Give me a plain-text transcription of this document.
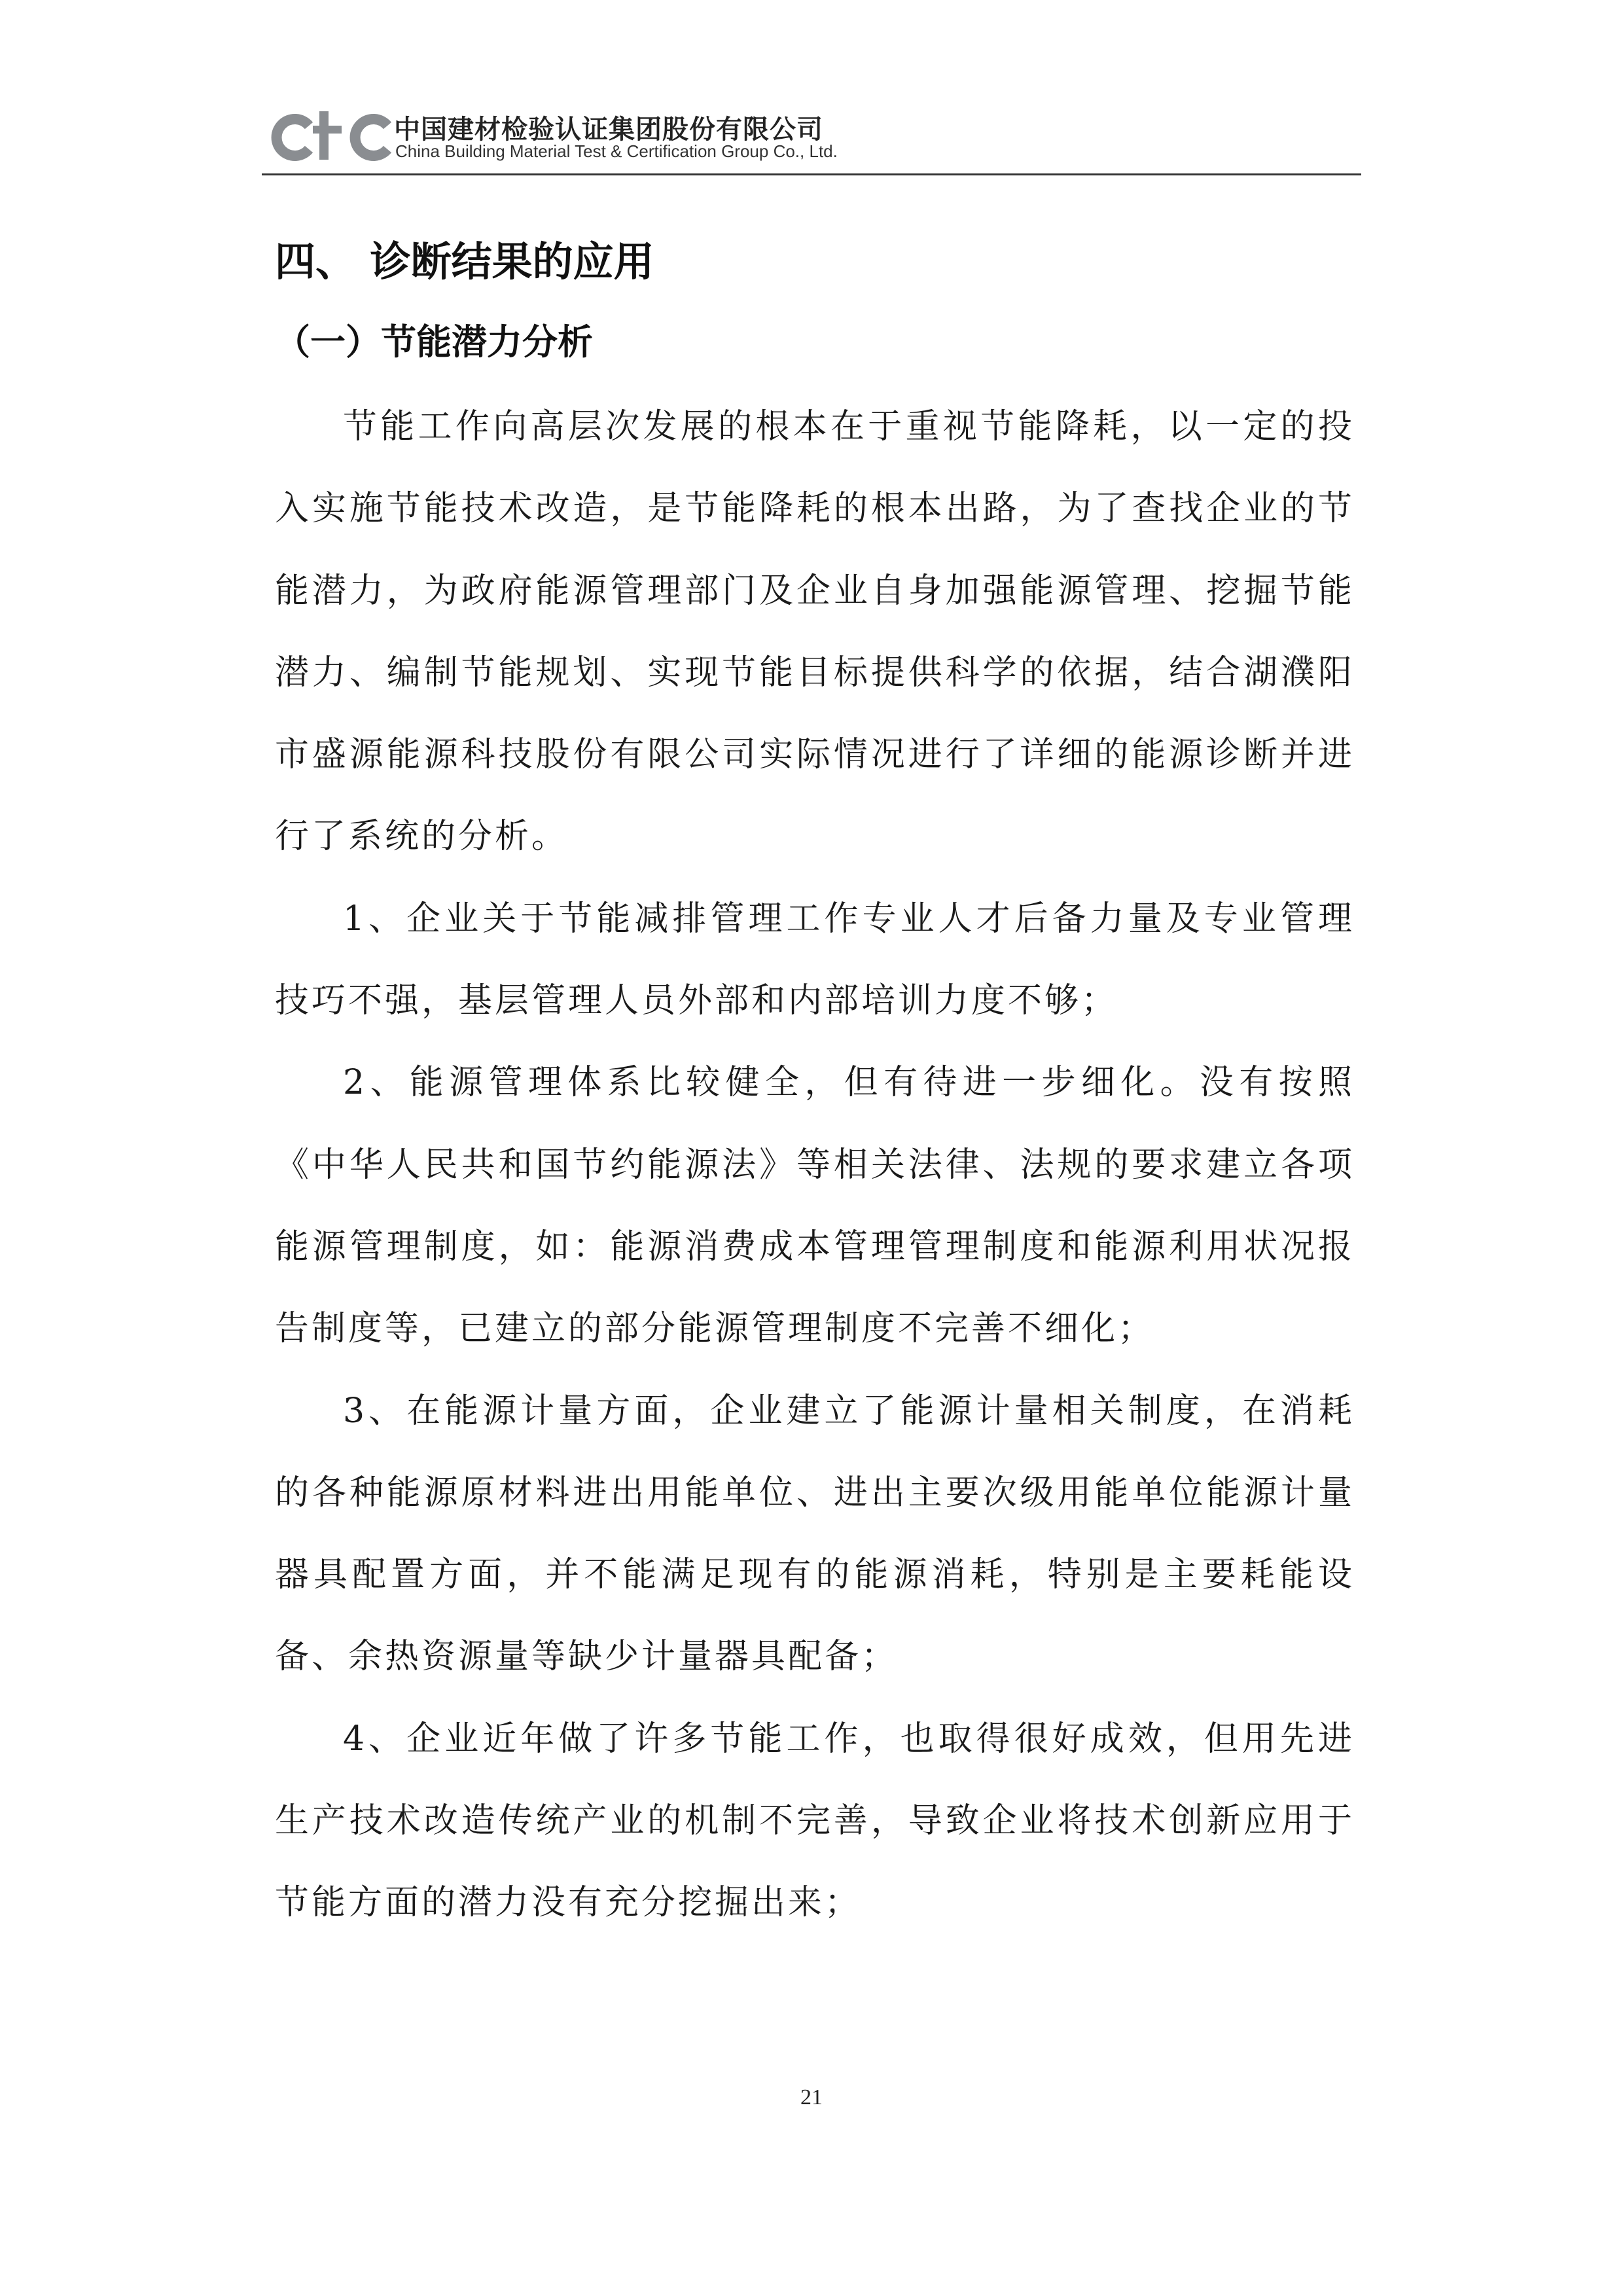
中国建材检验认证集团股份有限公司
China Building Material Test & Certification Group Co., Ltd.
四、 诊断结果的应用
（一）节能潜力分析

节能工作向高层次发展的根本在于重视节能降耗，以一定的投入实施节能技术改造，是节能降耗的根本出路，为了查找企业的节能潜力，为政府能源管理部门及企业自身加强能源管理、挖掘节能潜力、编制节能规划、实现节能目标提供科学的依据，结合湖濮阳市盛源能源科技股份有限公司实际情况进行了详细的能源诊断并进行了系统的分析。

1、企业关于节能减排管理工作专业人才后备力量及专业管理技巧不强，基层管理人员外部和内部培训力度不够；

2、能源管理体系比较健全，但有待进一步细化。没有按照《中华人民共和国节约能源法》等相关法律、法规的要求建立各项能源管理制度，如：能源消费成本管理管理制度和能源利用状况报告制度等，已建立的部分能源管理制度不完善不细化；

3、在能源计量方面，企业建立了能源计量相关制度，在消耗的各种能源原材料进出用能单位、进出主要次级用能单位能源计量器具配置方面，并不能满足现有的能源消耗，特别是主要耗能设备、余热资源量等缺少计量器具配备；

4、企业近年做了许多节能工作，也取得很好成效，但用先进生产技术改造传统产业的机制不完善，导致企业将技术创新应用于节能方面的潜力没有充分挖掘出来；

21
